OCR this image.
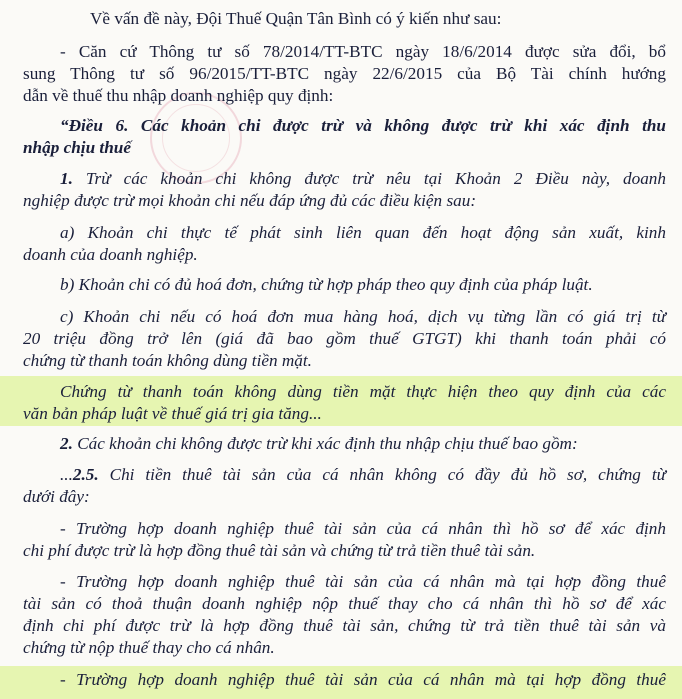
Về vấn đề này, Đội Thuế Quận Tân Bình có ý kiến như sau:
- Căn cứ Thông tư số 78/2014/TT-BTC ngày 18/6/2014 được sửa đổi, bổ
sung Thông tư số 96/2015/TT-BTC ngày 22/6/2015 của Bộ Tài chính hướng
dẫn về thuế thu nhập doanh nghiệp quy định:
“Điều 6. Các khoản chi được trừ và không được trừ khi xác định thu
nhập chịu thuế
1. Trừ các khoản chi không được trừ nêu tại Khoản 2 Điều này, doanh
nghiệp được trừ mọi khoản chi nếu đáp ứng đủ các điều kiện sau:
a) Khoản chi thực tế phát sinh liên quan đến hoạt động sản xuất, kinh
doanh của doanh nghiệp.
b) Khoản chi có đủ hoá đơn, chứng từ hợp pháp theo quy định của pháp luật.
c) Khoản chi nếu có hoá đơn mua hàng hoá, dịch vụ từng lần có giá trị từ
20 triệu đồng trở lên (giá đã bao gồm thuế GTGT) khi thanh toán phải có
chứng từ thanh toán không dùng tiền mặt.
Chứng từ thanh toán không dùng tiền mặt thực hiện theo quy định của các
văn bản pháp luật về thuế giá trị gia tăng...
2. Các khoản chi không được trừ khi xác định thu nhập chịu thuế bao gồm:
...2.5. Chi tiền thuê tài sản của cá nhân không có đầy đủ hồ sơ, chứng từ
dưới đây:
- Trường hợp doanh nghiệp thuê tài sản của cá nhân thì hồ sơ để xác định
chi phí được trừ là hợp đồng thuê tài sản và chứng từ trả tiền thuê tài sản.
- Trường hợp doanh nghiệp thuê tài sản của cá nhân mà tại hợp đồng thuê
tài sản có thoả thuận doanh nghiệp nộp thuế thay cho cá nhân thì hồ sơ để xác
định chi phí được trừ là hợp đồng thuê tài sản, chứng từ trả tiền thuê tài sản và
chứng từ nộp thuế thay cho cá nhân.
- Trường hợp doanh nghiệp thuê tài sản của cá nhân mà tại hợp đồng thuê
